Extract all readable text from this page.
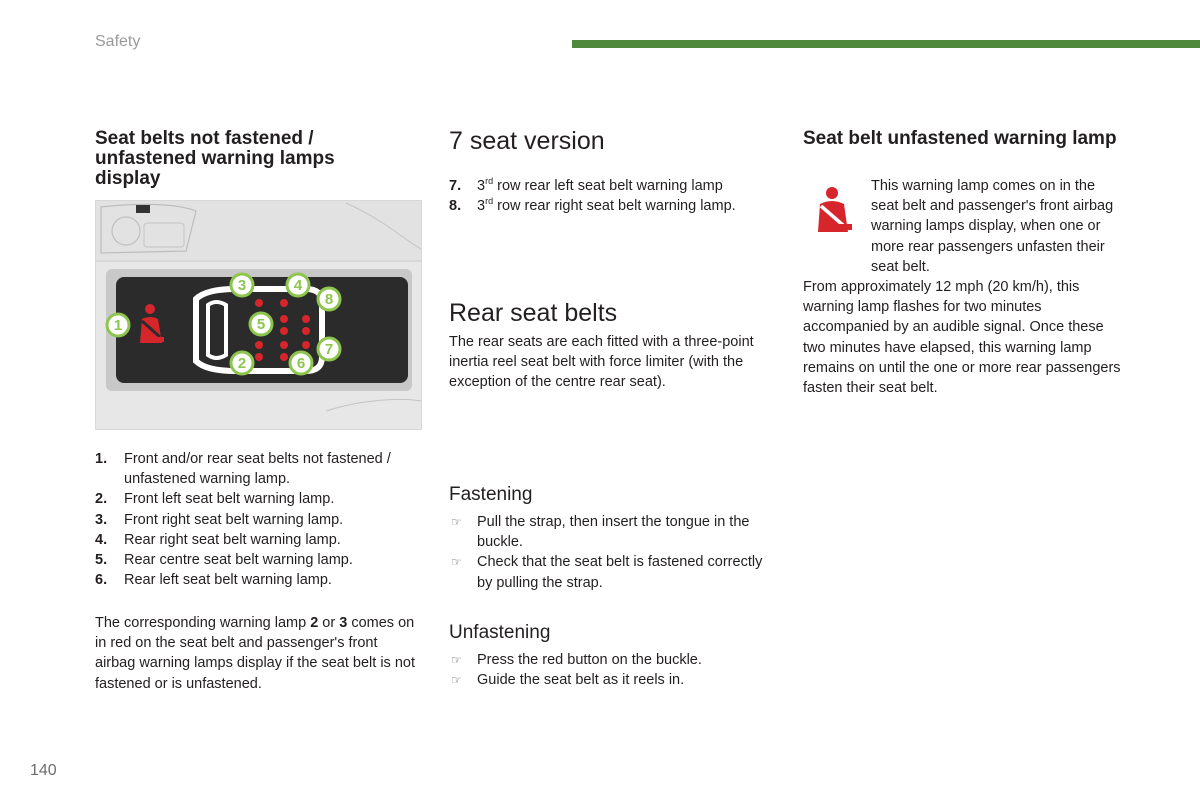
Safety
Seat belts not fastened / unfastened warning lamps display
1
2
3	4
5
6
7
8
1. Front and/or rear seat belts not fastened / unfastened warning lamp.
2. Front left seat belt warning lamp.
3. Front right seat belt warning lamp.
4. Rear right seat belt warning lamp.
5. Rear centre seat belt warning lamp.
6. Rear left seat belt warning lamp.

The corresponding warning lamp 2 or 3 comes on in red on the seat belt and passenger's front airbag warning lamps display if the seat belt is not fastened or is unfastened.

7 seat version
7. 3rd row rear left seat belt warning lamp
8. 3rd row rear right seat belt warning lamp.
Rear seat belts

The rear seats are each fitted with a three-point inertia reel seat belt with force limiter (with the exception of the centre rear seat).

Fastening
☞ Pull the strap, then insert the tongue in the buckle.
☞ Check that the seat belt is fastened correctly by pulling the strap.
Unfastening
☞ Press the red button on the buckle.
☞ Guide the seat belt as it reels in.
Seat belt unfastened warning lamp

This warning lamp comes on in the seat belt and passenger's front airbag warning lamps display, when one or more rear passengers unfasten their seat belt.

From approximately 12 mph (20 km/h), this warning lamp flashes for two minutes accompanied by an audible signal. Once these two minutes have elapsed, this warning lamp remains on until the one or more rear passengers fasten their seat belt.

140
